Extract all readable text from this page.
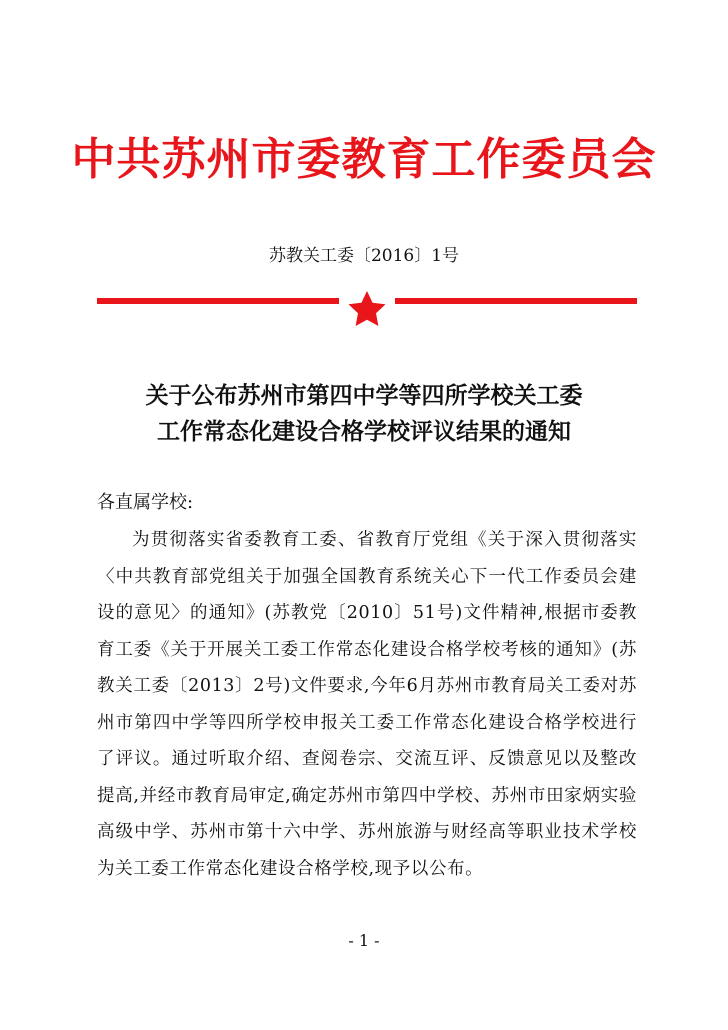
中共苏州市委教育工作委员会
苏教关工委〔2016〕1号
关于公布苏州市第四中学等四所学校关工委
工作常态化建设合格学校评议结果的通知
各直属学校:
为贯彻落实省委教育工委、省教育厅党组《关于深入贯彻落实〈中共教育部党组关于加强全国教育系统关心下一代工作委员会建设的意见〉的通知》(苏教党〔2010〕51号)文件精神,根据市委教育工委《关于开展关工委工作常态化建设合格学校考核的通知》(苏教关工委〔2013〕2号)文件要求,今年6月苏州市教育局关工委对苏州市第四中学等四所学校申报关工委工作常态化建设合格学校进行了评议。通过听取介绍、查阅卷宗、交流互评、反馈意见以及整改提高,并经市教育局审定,确定苏州市第四中学校、苏州市田家炳实验高级中学、苏州市第十六中学、苏州旅游与财经高等职业技术学校为关工委工作常态化建设合格学校,现予以公布。
- 1 -
